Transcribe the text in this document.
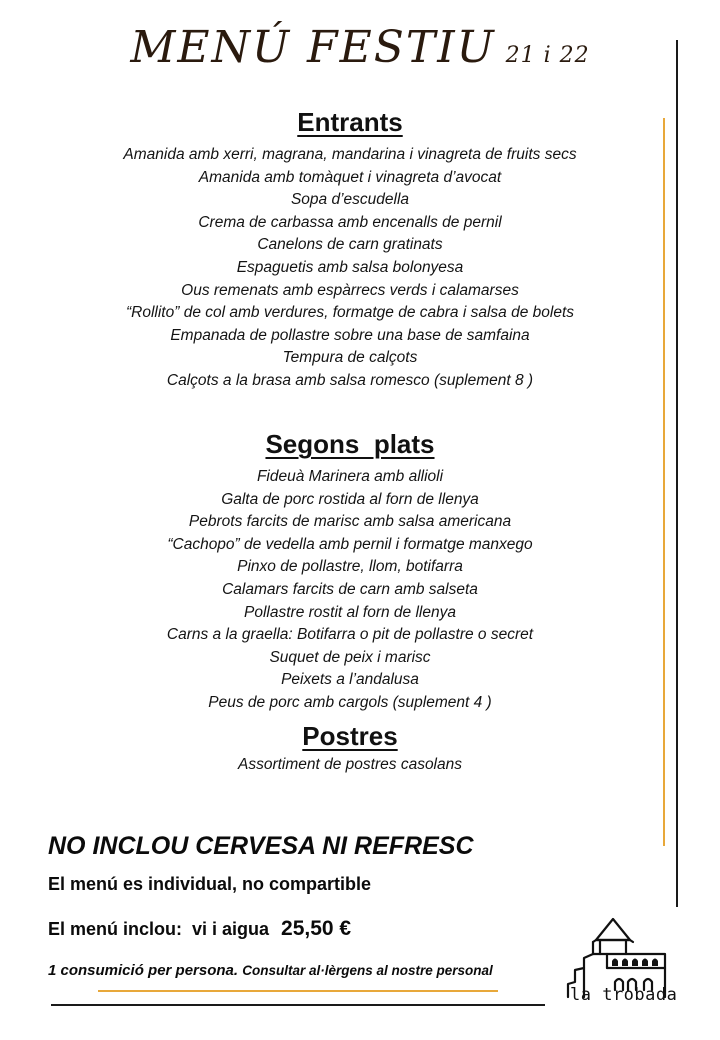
MENÚ FESTIU 21 i 22
Entrants
Amanida amb xerri, magrana, mandarina i vinagreta de fruits secs
Amanida amb tomàquet i vinagreta d’avocat
Sopa d’escudella
Crema de carbassa amb encenalls de pernil
Canelons de carn gratinats
Espaguetis amb salsa bolonyesa
Ous remenats amb espàrrecs verds i calamarses
“Rollito” de col amb verdures, formatge de cabra i salsa de bolets
Empanada de pollastre sobre una base de samfaina
Tempura de calçots
Calçots a la brasa amb salsa romesco (suplement 8 )
Segons  plats
Fideuà Marinera amb allioli
Galta de porc rostida al forn de llenya
Pebrots farcits de marisc amb salsa americana
“Cachopo” de vedella amb pernil i formatge manxego
Pinxo de pollastre, llom, botifarra
Calamars farcits de carn amb salseta
Pollastre rostit al forn de llenya
Carns a la graella: Botifarra o pit de pollastre o secret
Suquet de peix i marisc
Peixets a l’andalusa
Peus de porc amb cargols (suplement 4 )
Postres
Assortiment de postres casolans
NO INCLOU CERVESA NI REFRESC
El menú es individual, no compartible
El menú inclou:  vi i aigua 25,50 €
1 consumició per persona. Consultar al·lèrgens al nostre personal
la trobada
